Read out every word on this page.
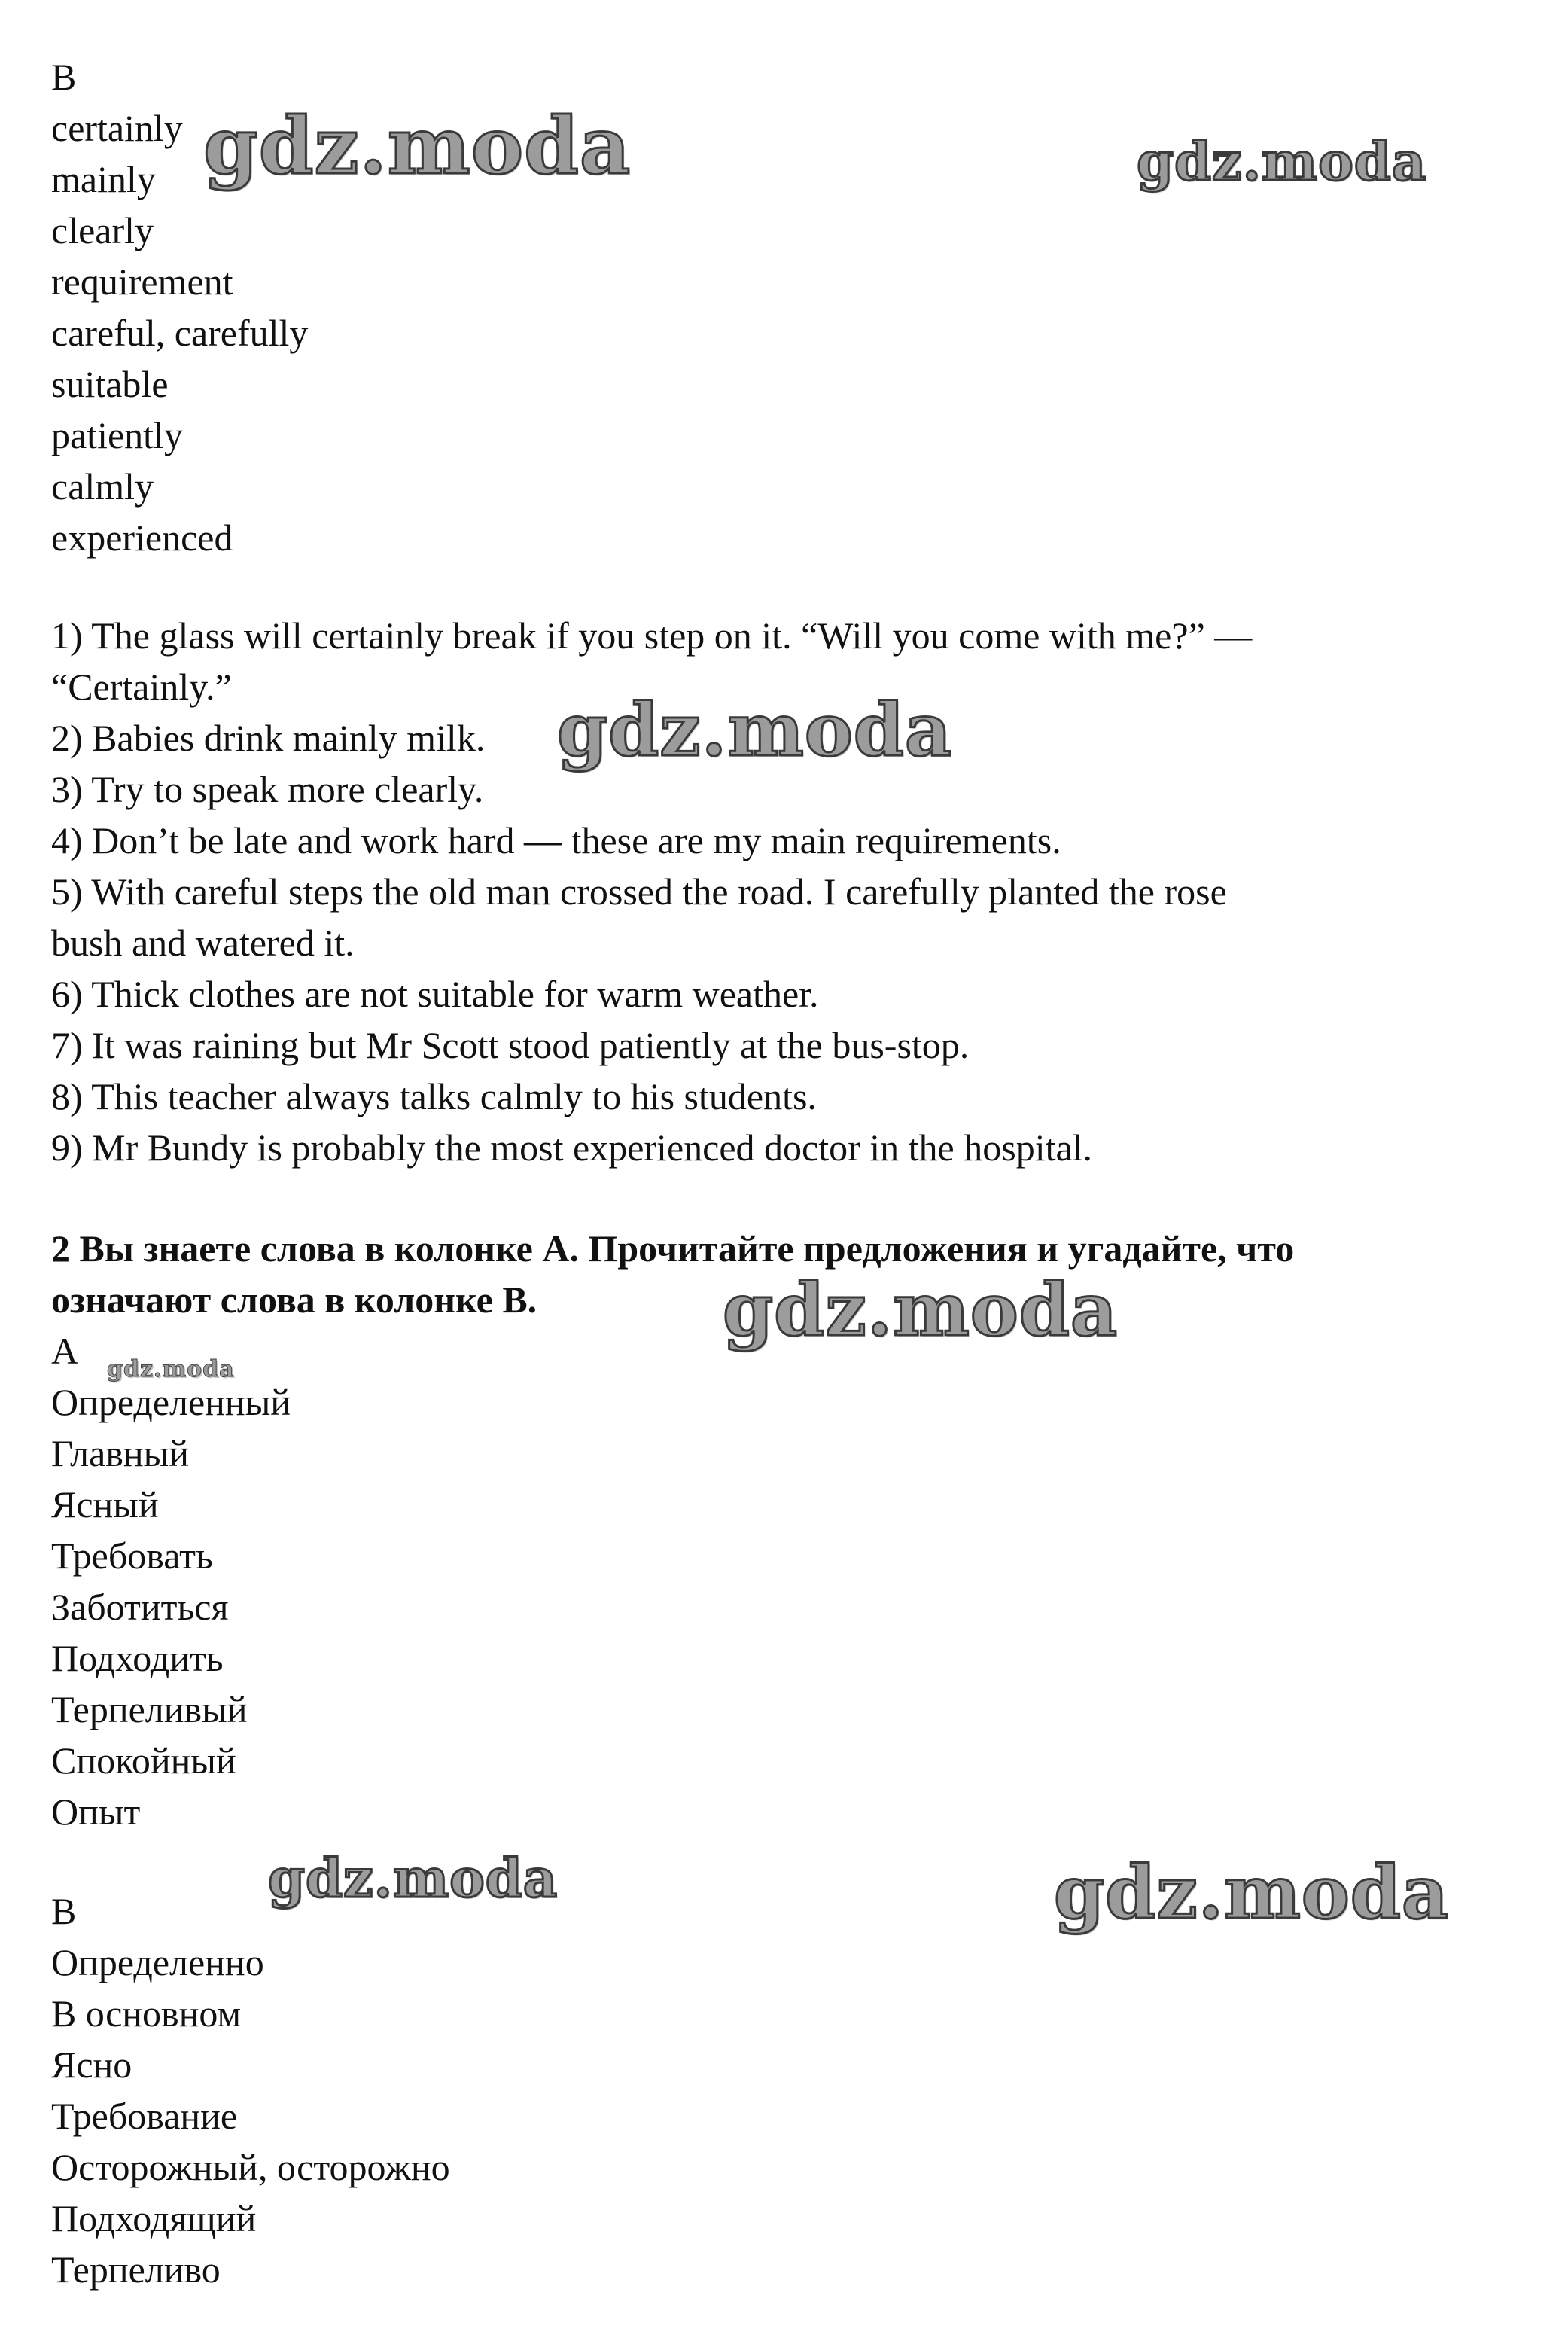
B
certainly
mainly
clearly
requirement
careful, carefully
suitable
patiently
calmly
experienced
1) The glass will certainly break if you step on it. “Will you come with me?” —
“Certainly.”
2) Babies drink mainly milk.
3) Try to speak more clearly.
4) Don’t be late and work hard — these are my main requirements.
5) With careful steps the old man crossed the road. I carefully planted the rose
bush and watered it.
6) Thick clothes are not suitable for warm weather.
7) It was raining but Mr Scott stood patiently at the bus-stop.
8) This teacher always talks calmly to his students.
9) Mr Bundy is probably the most experienced doctor in the hospital.
2 Вы знаете слова в колонке А. Прочитайте предложения и угадайте, что
означают слова в колонке В.
А
Определенный
Главный
Ясный
Требовать
Заботиться
Подходить
Терпеливый
Спокойный
Опыт
В
Определенно
В основном
Ясно
Требование
Осторожный, осторожно
Подходящий
Терпеливо
gdz.moda	gdz.moda
gdz.moda
gdz.moda
gdz.moda
gdz.moda	gdz.moda
